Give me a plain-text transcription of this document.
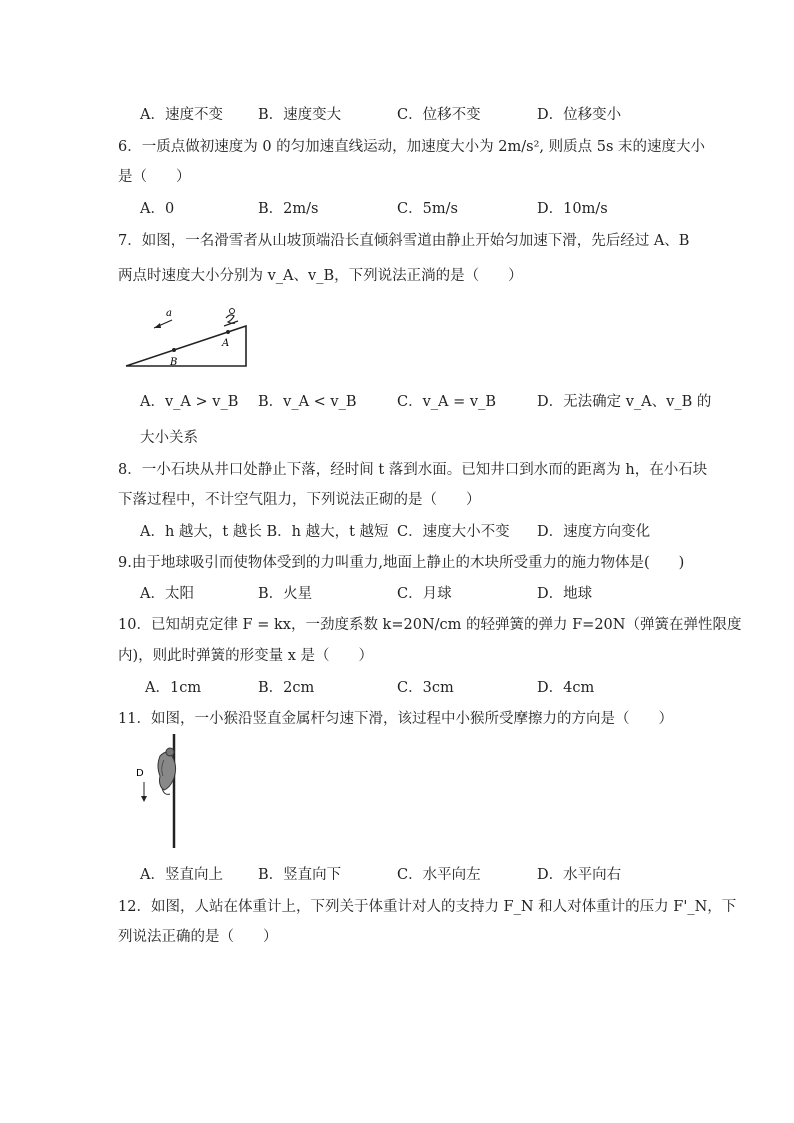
A．速度不变 B．速度变大	C．位移不变	D．位移变小
6．一质点做初速度为 0 的匀加速直线运动，加速度大小为 2m/s², 则质点 5s 末的速度大小
是（　　）
A．0	B．2m/s	C．5m/s	D．10m/s
7．如图，一名滑雪者从山坡顶端沿长直倾斜雪道由静止开始匀加速下滑，先后经过 A、B
两点时速度大小分别为 v_A、v_B，下列说法正淌的是（　　）
a
A
B
A．v_A > v_B B．v_A < v_B	C．v_A = v_B	D．无法确定 v_A、v_B 的
大小关系
8．一小石块从井口处静止下落，经时间 t 落到水面。已知井口到水而的距离为 h，在小石块
下落过程中，不计空气阻力，下列说法正砌的是（　　）
A．h 越大，t 越长 B．h 越大，t 越短 C．速度大小不变 D．速度方向变化
9.由于地球吸引而使物体受到的力叫重力,地面上静止的木块所受重力的施力物体是(　　)
A．太阳	B．火星	C．月球	D．地球
10．已知胡克定律 F = kx，一劲度系数 k=20N/cm 的轻弹簧的弹力 F=20N（弹簧在弹性限度
内)，则此时弹簧的形变量 x 是（　　）
A．1cm	B．2cm	C．3cm	D．4cm
11．如图，一小猴沿竖直金属杆匀速下滑，该过程中小猴所受摩擦力的方向是（　　）
D
A．竖直向上 B．竖直向下	C．水平向左	D．水平向右
12．如图，人站在体重计上，下列关于体重计对人的支持力 F_N 和人对体重计的压力 F'_N，下
列说法正确的是（　　）
